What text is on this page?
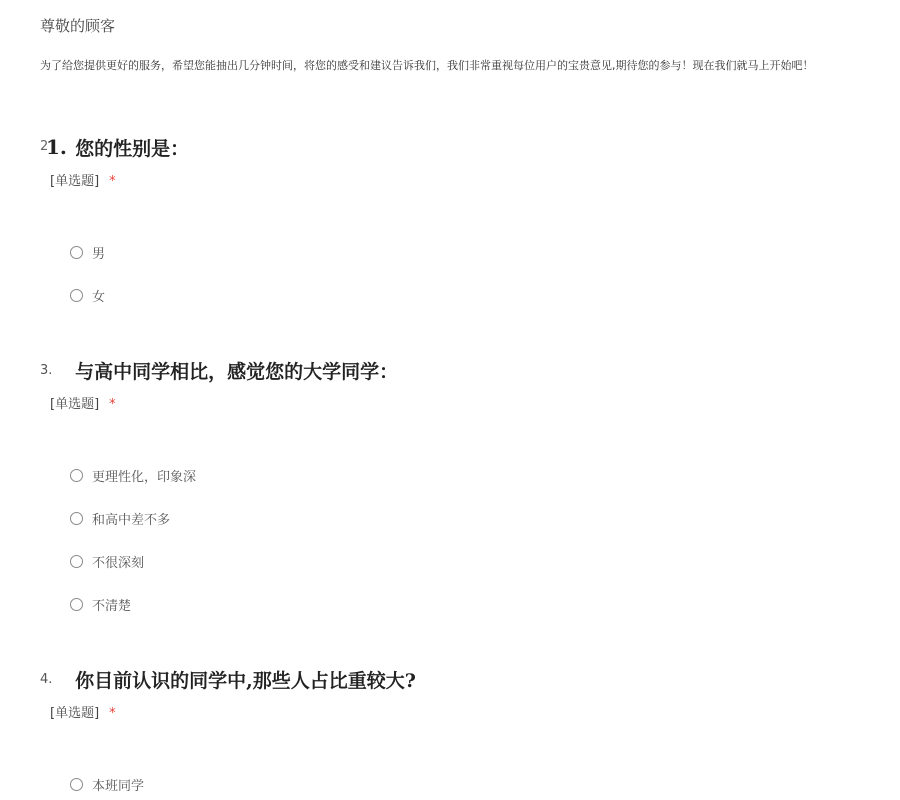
尊敬的顾客
为了给您提供更好的服务，希望您能抽出几分钟时间，将您的感受和建议告诉我们，我们非常重视每位用户的宝贵意见,期待您的参与！现在我们就马上开始吧！
2
1. 您的性别是：
[单选题] *
男
女
3. 与高中同学相比，感觉您的大学同学：
[单选题] *
更理性化，印象深
和高中差不多
不很深刻
不清楚
4. 你目前认识的同学中,那些人占比重较大?
[单选题] *
本班同学
